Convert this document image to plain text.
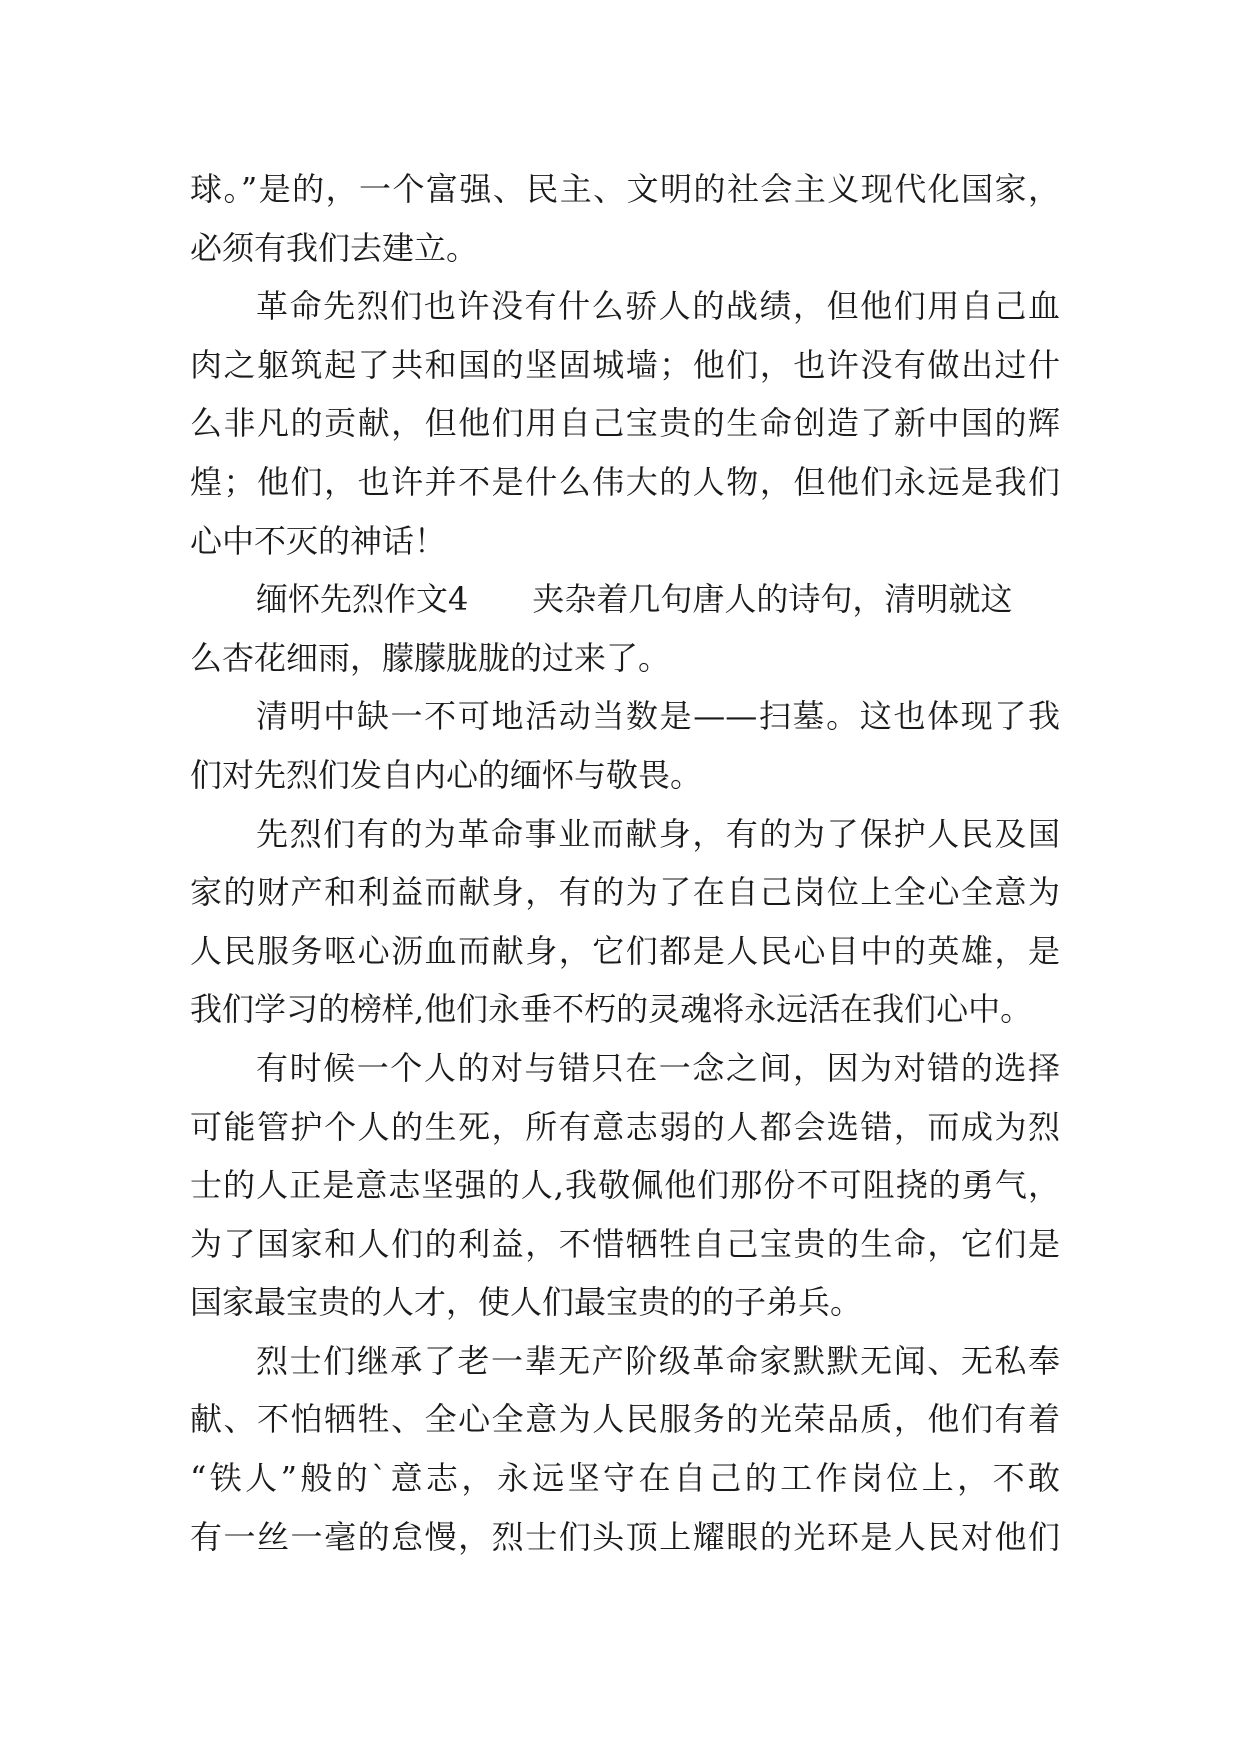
球。”是的，一个富强、民主、文明的社会主义现代化国家，
必须有我们去建立。
革命先烈们也许没有什么骄人的战绩，但他们用自己血
肉之躯筑起了共和国的坚固城墙；他们，也许没有做出过什
么非凡的贡献，但他们用自己宝贵的生命创造了新中国的辉
煌；他们，也许并不是什么伟大的人物，但他们永远是我们
心中不灭的神话！
缅怀先烈作文4 夹杂着几句唐人的诗句，清明就这
么杏花细雨，朦朦胧胧的过来了。
清明中缺一不可地活动当数是——扫墓。这也体现了我
们对先烈们发自内心的缅怀与敬畏。
先烈们有的为革命事业而献身，有的为了保护人民及国
家的财产和利益而献身，有的为了在自己岗位上全心全意为
人民服务呕心沥血而献身，它们都是人民心目中的英雄，是
我们学习的榜样,他们永垂不朽的灵魂将永远活在我们心中。
有时候一个人的对与错只在一念之间，因为对错的选择
可能管护个人的生死，所有意志弱的人都会选错，而成为烈
士的人正是意志坚强的人,我敬佩他们那份不可阻挠的勇气，
为了国家和人们的利益，不惜牺牲自己宝贵的生命，它们是
国家最宝贵的人才，使人们最宝贵的的子弟兵。
烈士们继承了老一辈无产阶级革命家默默无闻、无私奉
献、不怕牺牲、全心全意为人民服务的光荣品质，他们有着
“铁人”般的`意志，永远坚守在自己的工作岗位上，不敢
有一丝一毫的怠慢，烈士们头顶上耀眼的光环是人民对他们
